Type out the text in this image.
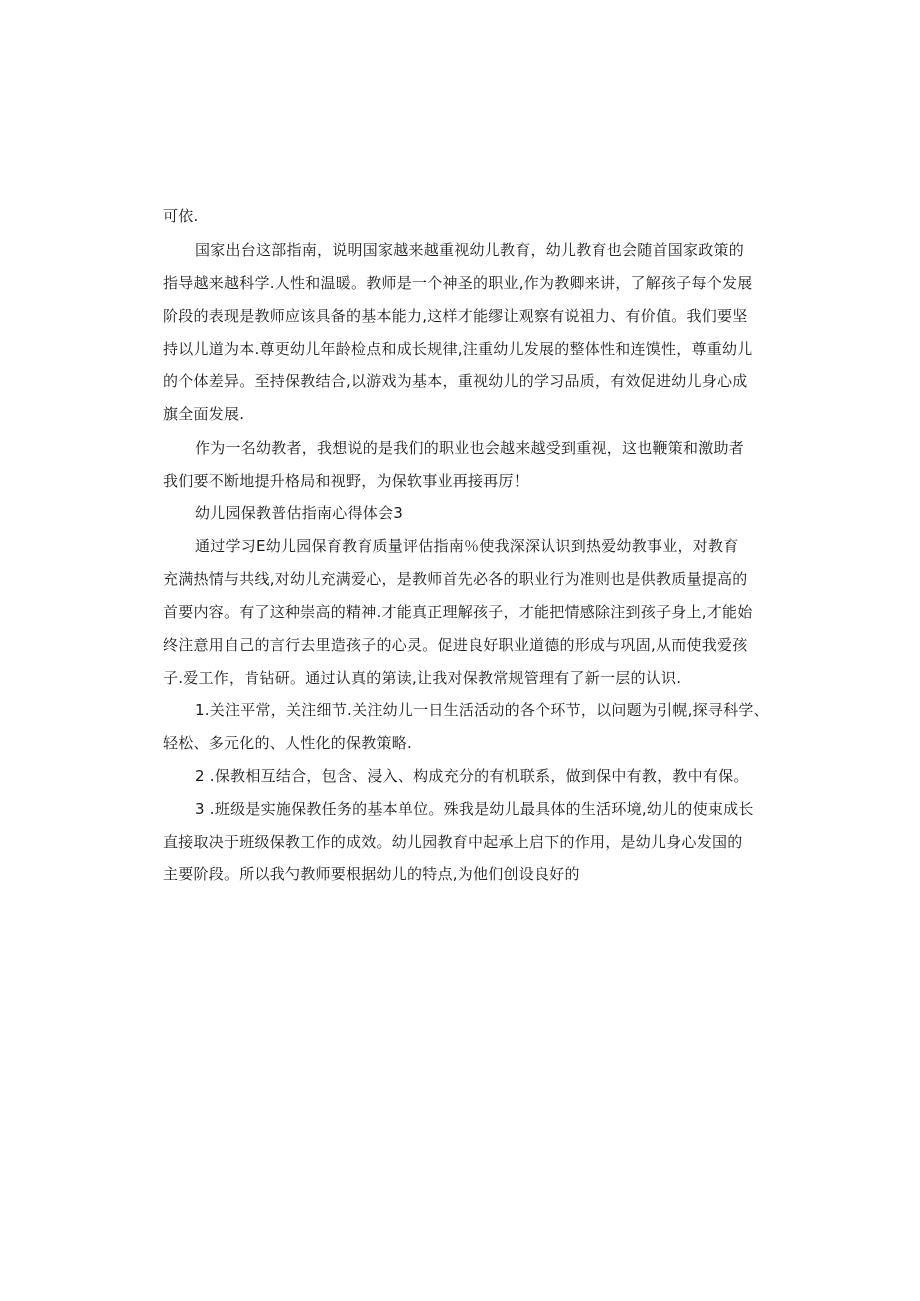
可依.
国家出台这部指南，说明国家越来越重视幼儿教育，幼儿教育也会随首国家政策的
指导越来越科学.人性和温暖。教师是一个神圣的职业,作为教卿来讲，了解孩子每个发展
阶段的表现是教师应该具备的基本能力,这样才能缪让观察有说祖力、有价值。我们要坚
持以儿道为本.尊更幼儿年龄检点和成长规律,注重幼儿发展的整体性和连馍性，尊重幼儿
的个体差异。至持保教结合,以游戏为基本，重视幼儿的学习品质，有效促进幼儿身心成
旗全面发展.
作为一名幼教者，我想说的是我们的职业也会越来越受到重视，这也鞭策和激助者
我们要不断地提升格局和视野，为保软事业再接再厉！
幼儿园保教普估指南心得体会3
通过学习E幼儿园保育教育质量评估指南％使我深深认识到热爱幼教事业，对教育
充满热情与共线,对幼儿充满爱心，是教师首先必各的职业行为准则也是供教质量提高的
首要内容。有了这种崇高的精神.才能真正理解孩子，才能把情感除注到孩子身上,才能始
终注意用自己的言行去里造孩子的心灵。促进良好职业道德的形成与巩固,从而使我爱孩
子.爱工作，肯钻研。通过认真的第读,让我对保教常规管理有了新一层的认识.
1.关注平常，关注细节.关注幼儿一日生活活动的各个环节，以问题为引幌,探寻科学、
轻松、多元化的、人性化的保教策略.
2 .保教相互结合，包含、浸入、构成充分的有机联系，做到保中有教，教中有保。
3 .班级是实施保教任务的基本单位。殊我是幼儿最具体的生活环境,幼儿的使束成长
直接取决于班级保教工作的成效。幼儿园教育中起承上启下的作用，是幼儿身心发国的
主要阶段。所以我勺教师要根据幼儿的特点,为他们创设良好的
